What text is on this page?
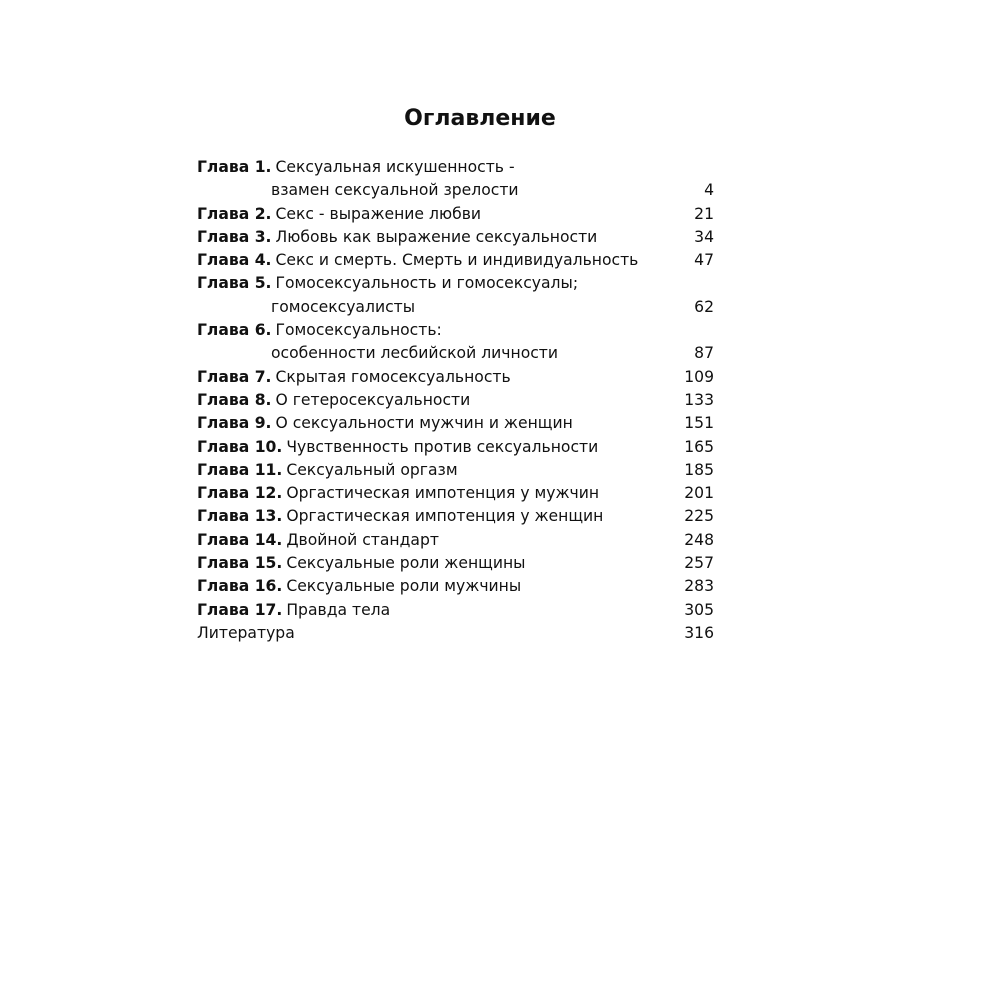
Оглавление
Глава 1. Сексуальная искушенность -
взамен сексуальной зрелости	4
Глава 2. Секс - выражение любви	21
Глава 3. Любовь как выражение сексуальности	34
Глава 4. Секс и смерть. Смерть и индивидуальность	47
Глава 5. Гомосексуальность и гомосексуалы;
гомосексуалисты	62
Глава 6. Гомосексуальность:
особенности лесбийской личности	87
Глава 7. Скрытая гомосексуальность	109
Глава 8. О гетеросексуальности	133
Глава 9. О сексуальности мужчин и женщин	151
Глава 10. Чувственность против сексуальности	165
Глава 11. Сексуальный оргазм	185
Глава 12. Оргастическая импотенция у мужчин	201
Глава 13. Оргастическая импотенция у женщин	225
Глава 14. Двойной стандарт	248
Глава 15. Сексуальные роли женщины	257
Глава 16. Сексуальные роли мужчины	283
Глава 17. Правда тела	305
Литература	316
